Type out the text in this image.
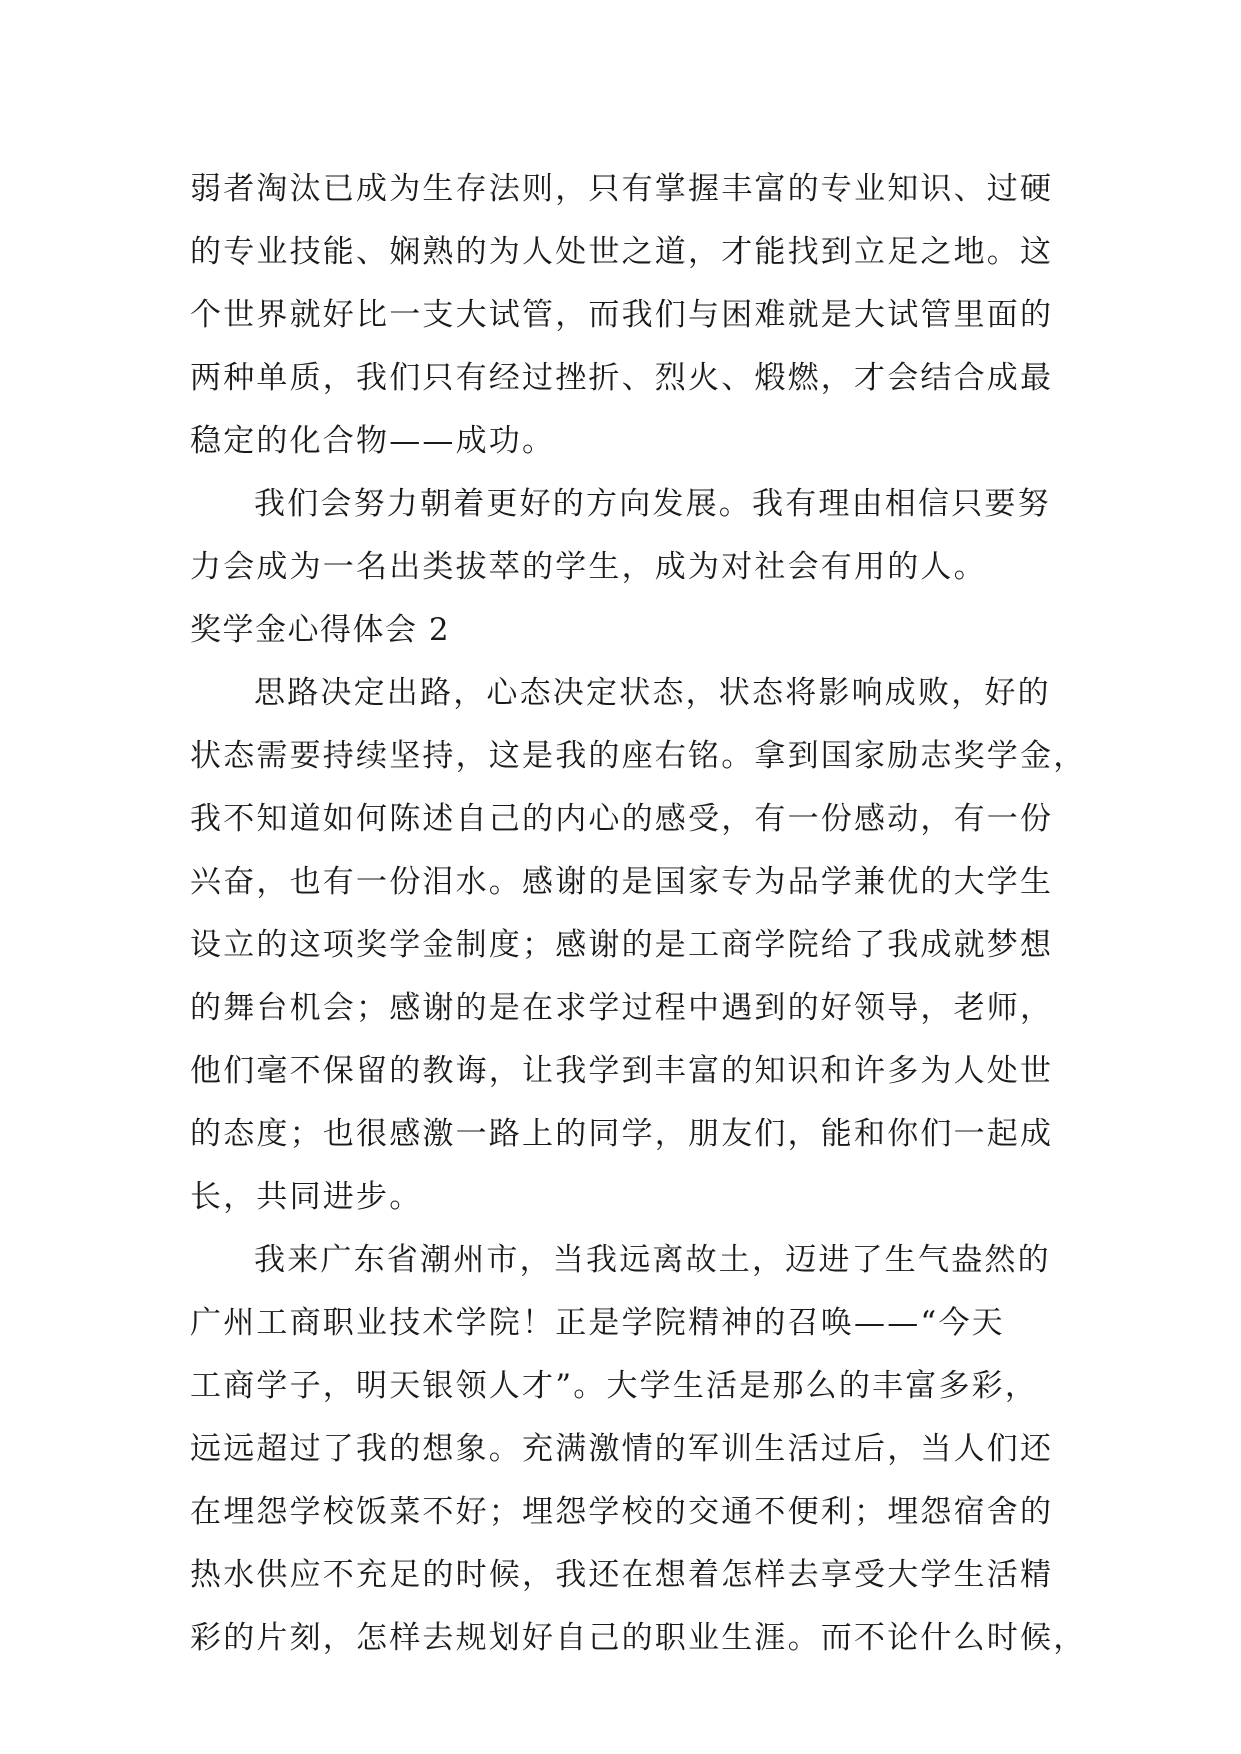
弱者淘汰已成为生存法则，只有掌握丰富的专业知识、过硬
的专业技能、娴熟的为人处世之道，才能找到立足之地。这
个世界就好比一支大试管，而我们与困难就是大试管里面的
两种单质，我们只有经过挫折、烈火、煅燃，才会结合成最
稳定的化合物——成功。
我们会努力朝着更好的方向发展。我有理由相信只要努
力会成为一名出类拔萃的学生，成为对社会有用的人。
奖学金心得体会 2
思路决定出路，心态决定状态，状态将影响成败，好的
状态需要持续坚持，这是我的座右铭。拿到国家励志奖学金，
我不知道如何陈述自己的内心的感受，有一份感动，有一份
兴奋，也有一份泪水。感谢的是国家专为品学兼优的大学生
设立的这项奖学金制度；感谢的是工商学院给了我成就梦想
的舞台机会；感谢的是在求学过程中遇到的好领导，老师，
他们毫不保留的教诲，让我学到丰富的知识和许多为人处世
的态度；也很感激一路上的同学，朋友们，能和你们一起成
长，共同进步。
我来广东省潮州市，当我远离故土，迈进了生气盎然的
广州工商职业技术学院！正是学院精神的召唤——“今天
工商学子，明天银领人才”。大学生活是那么的丰富多彩，
远远超过了我的想象。充满激情的军训生活过后，当人们还
在埋怨学校饭菜不好；埋怨学校的交通不便利；埋怨宿舍的
热水供应不充足的时候，我还在想着怎样去享受大学生活精
彩的片刻，怎样去规划好自己的职业生涯。而不论什么时候，
